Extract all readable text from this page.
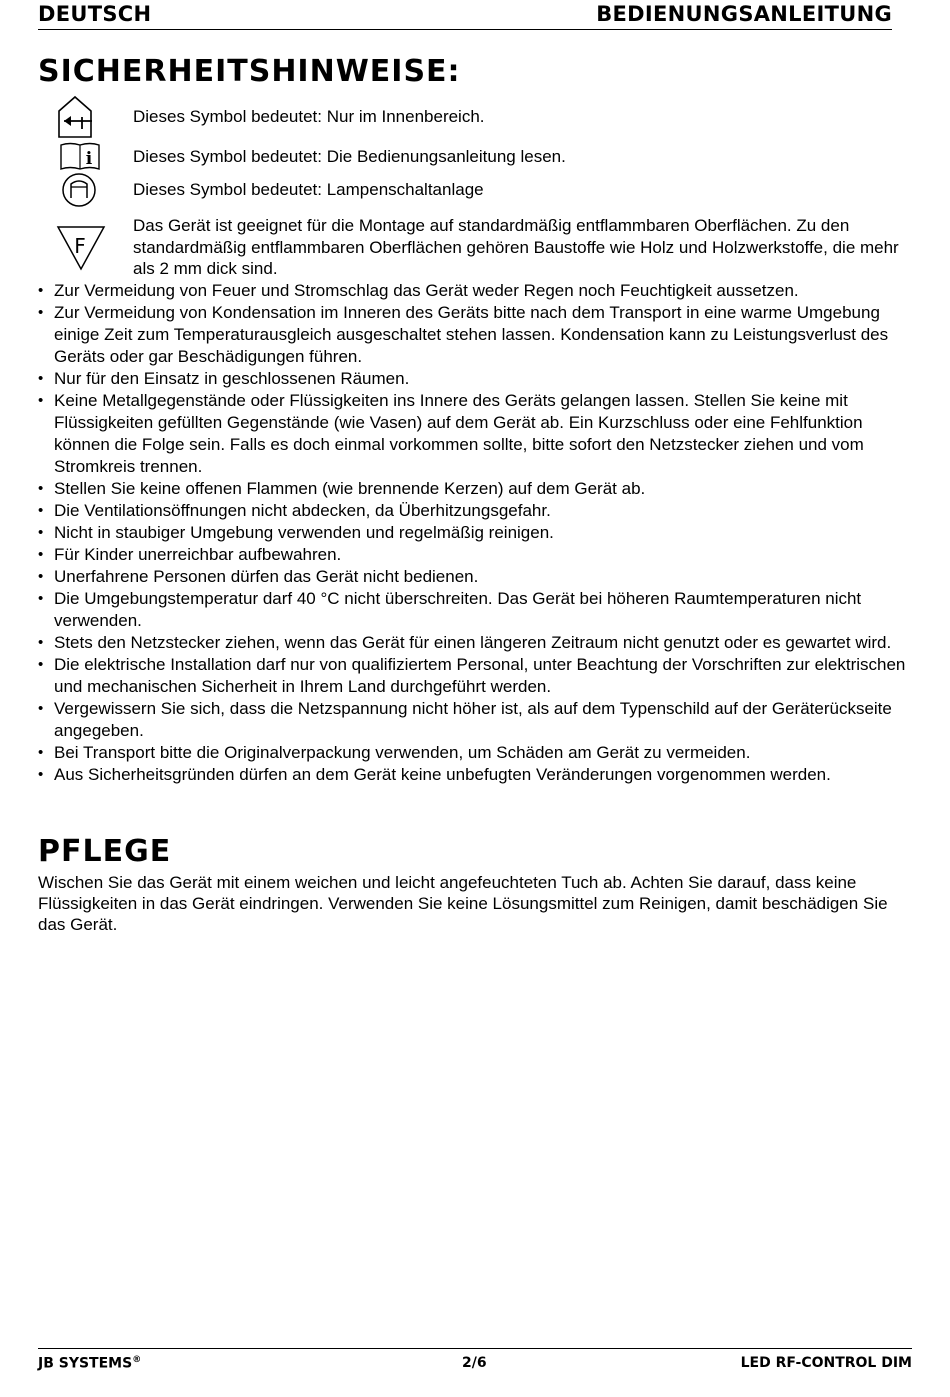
DEUTSCH	BEDIENUNGSANLEITUNG
SICHERHEITSHINWEISE:
Dieses Symbol bedeutet: Nur im Innenbereich.
i Dieses Symbol bedeutet: Die Bedienungsanleitung lesen.
Dieses Symbol bedeutet: Lampenschaltanlage
F
Das Gerät ist geeignet für die Montage auf standardmäßig entflammbaren Oberflächen. Zu den standardmäßig entflammbaren Oberflächen gehören Baustoffe wie Holz und Holzwerkstoffe, die mehr als 2 mm dick sind.
• Zur Vermeidung von Feuer und Stromschlag das Gerät weder Regen noch Feuchtigkeit aussetzen.
• Zur Vermeidung von Kondensation im Inneren des Geräts bitte nach dem Transport in eine warme Umgebung einige Zeit zum Temperaturausgleich ausgeschaltet stehen lassen. Kondensation kann zu Leistungsverlust des Geräts oder gar Beschädigungen führen.
• Nur für den Einsatz in geschlossenen Räumen.
• Keine Metallgegenstände oder Flüssigkeiten ins Innere des Geräts gelangen lassen. Stellen Sie keine mit Flüssigkeiten gefüllten Gegenstände (wie Vasen) auf dem Gerät ab. Ein Kurzschluss oder eine Fehlfunktion können die Folge sein. Falls es doch einmal vorkommen sollte, bitte sofort den Netzstecker ziehen und vom Stromkreis trennen.
• Stellen Sie keine offenen Flammen (wie brennende Kerzen) auf dem Gerät ab.
• Die Ventilationsöffnungen nicht abdecken, da Überhitzungsgefahr.
• Nicht in staubiger Umgebung verwenden und regelmäßig reinigen.
• Für Kinder unerreichbar aufbewahren.
• Unerfahrene Personen dürfen das Gerät nicht bedienen.
• Die Umgebungstemperatur darf 40 °C nicht überschreiten. Das Gerät bei höheren Raumtemperaturen nicht verwenden.
• Stets den Netzstecker ziehen, wenn das Gerät für einen längeren Zeitraum nicht genutzt oder es gewartet wird.
• Die elektrische Installation darf nur von qualifiziertem Personal, unter Beachtung der Vorschriften zur elektrischen und mechanischen Sicherheit in Ihrem Land durchgeführt werden.
• Vergewissern Sie sich, dass die Netzspannung nicht höher ist, als auf dem Typenschild auf der Geräterückseite angegeben.
• Bei Transport bitte die Originalverpackung verwenden, um Schäden am Gerät zu vermeiden.
• Aus Sicherheitsgründen dürfen an dem Gerät keine unbefugten Veränderungen vorgenommen werden.
PFLEGE

Wischen Sie das Gerät mit einem weichen und leicht angefeuchteten Tuch ab. Achten Sie darauf, dass keine Flüssigkeiten in das Gerät eindringen. Verwenden Sie keine Lösungsmittel zum Reinigen, damit beschädigen Sie das Gerät.

JB SYSTEMS®	2/6	LED RF-CONTROL DIM
